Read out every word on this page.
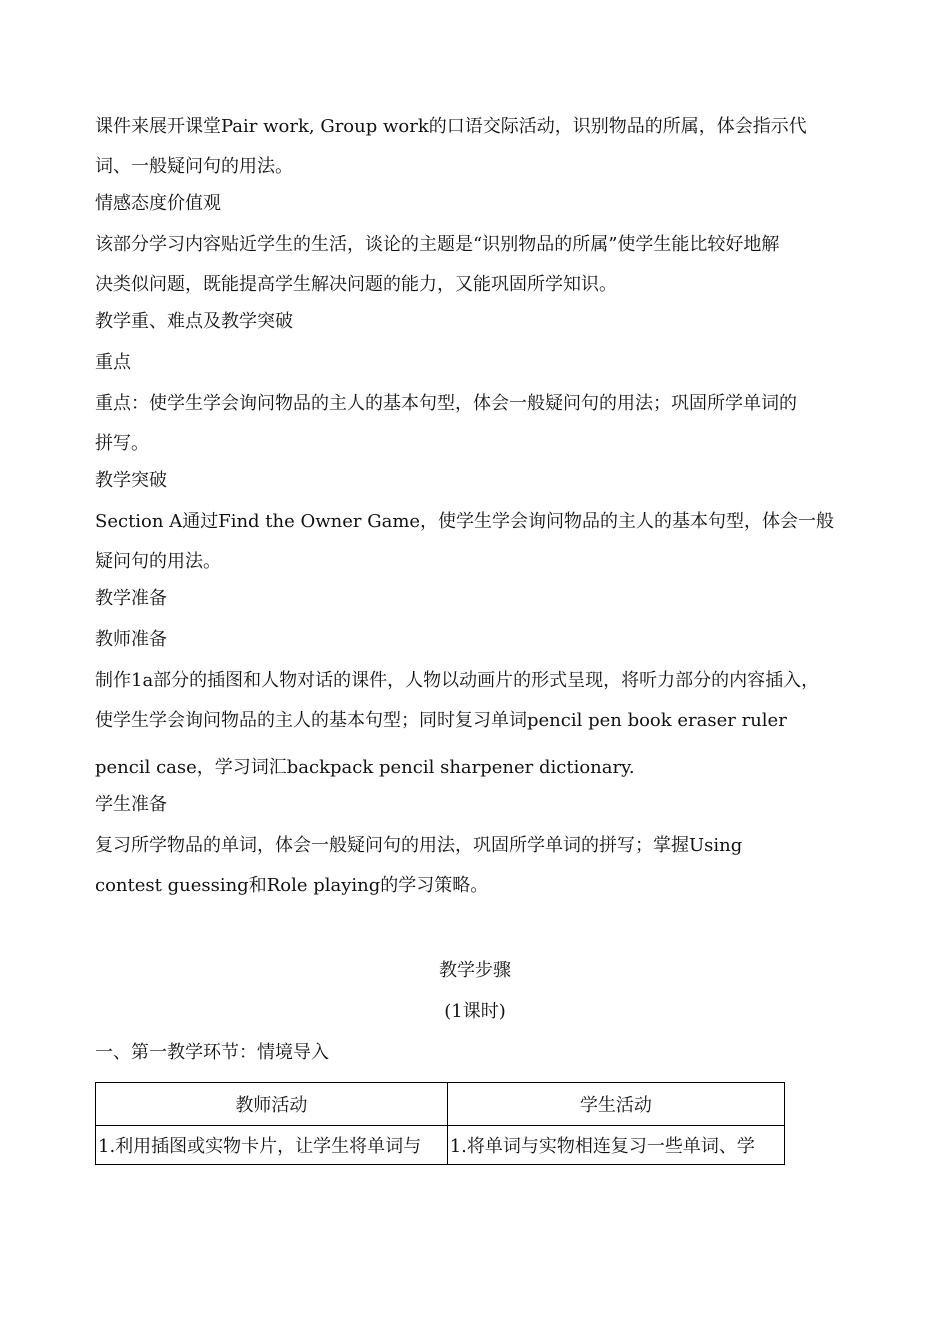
课件来展开课堂Pair work, Group work的口语交际活动，识别物品的所属，体会指示代

词、一般疑问句的用法。

情感态度价值观

该部分学习内容贴近学生的生活，谈论的主题是“识别物品的所属”使学生能比较好地解

决类似问题，既能提高学生解决问题的能力，又能巩固所学知识。

教学重、难点及教学突破

重点

重点：使学生学会询问物品的主人的基本句型，体会一般疑问句的用法；巩固所学单词的

拼写。

教学突破

Section A通过Find the Owner Game，使学生学会询问物品的主人的基本句型，体会一般

疑问句的用法。

教学准备

教师准备

制作1a部分的插图和人物对话的课件，人物以动画片的形式呈现，将听力部分的内容插入，

使学生学会询问物品的主人的基本句型；同时复习单词pencil pen book eraser ruler

pencil case，学习词汇backpack pencil sharpener dictionary.

学生准备

复习所学物品的单词，体会一般疑问句的用法，巩固所学单词的拼写；掌握Using

contest guessing和Role playing的学习策略。

教学步骤

(1课时)

一、第一教学环节：情境导入

教师活动	学生活动
1.利用插图或实物卡片，让学生将单词与	1.将单词与实物相连复习一些单词、学
